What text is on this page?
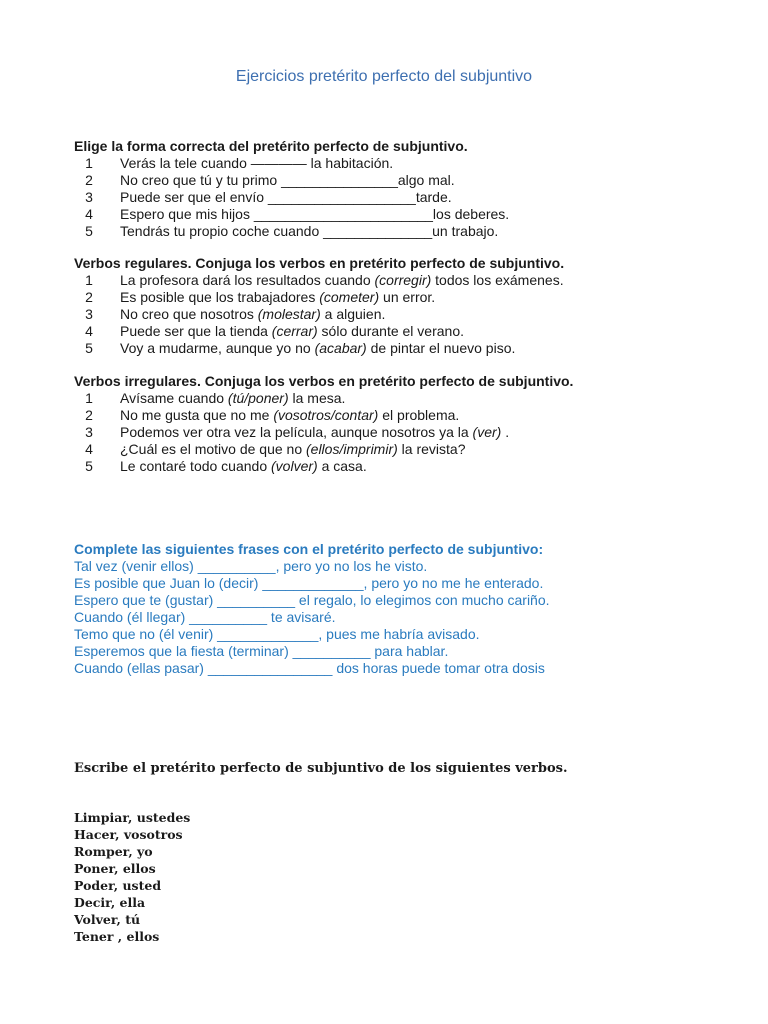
Ejercicios pretérito perfecto del subjuntivo

Elige la forma correcta del pretérito perfecto de subjuntivo.

1	Verás la tele cuando ———— la habitación.
2	No creo que tú y tu primo _______________algo mal.
3	Puede ser que el envío ___________________tarde.
4	Espero que mis hijos _______________________los deberes.
5	Tendrás tu propio coche cuando ______________un trabajo.

Verbos regulares. Conjuga los verbos en pretérito perfecto de subjuntivo.

1	La profesora dará los resultados cuando (corregir) todos los exámenes.
2	Es posible que los trabajadores (cometer) un error.
3	No creo que nosotros (molestar) a alguien.
4	Puede ser que la tienda (cerrar) sólo durante el verano.
5	Voy a mudarme, aunque yo no (acabar) de pintar el nuevo piso.

Verbos irregulares. Conjuga los verbos en pretérito perfecto de subjuntivo.

1	Avísame cuando (tú/poner) la mesa.
2	No me gusta que no me (vosotros/contar) el problema.
3	Podemos ver otra vez la película, aunque nosotros ya la (ver) .
4	¿Cuál es el motivo de que no (ellos/imprimir) la revista?
5	Le contaré todo cuando (volver) a casa.

Complete las siguientes frases con el pretérito perfecto de subjuntivo:

Tal vez (venir ellos) __________, pero yo no los he visto.
Es posible que Juan lo (decir) _____________, pero yo no me he enterado.
Espero que te (gustar) __________ el regalo, lo elegimos con mucho cariño.
Cuando (él llegar) __________ te avisaré.
Temo que no (él venir) _____________, pues me habría avisado.
Esperemos que la fiesta (terminar) __________ para hablar.
Cuando (ellas pasar) ________________ dos horas puede tomar otra dosis

Escribe el pretérito perfecto de subjuntivo de los siguientes verbos.

Limpiar, ustedes
Hacer, vosotros
Romper, yo
Poner, ellos
Poder, usted
Decir, ella
Volver, tú
Tener , ellos
